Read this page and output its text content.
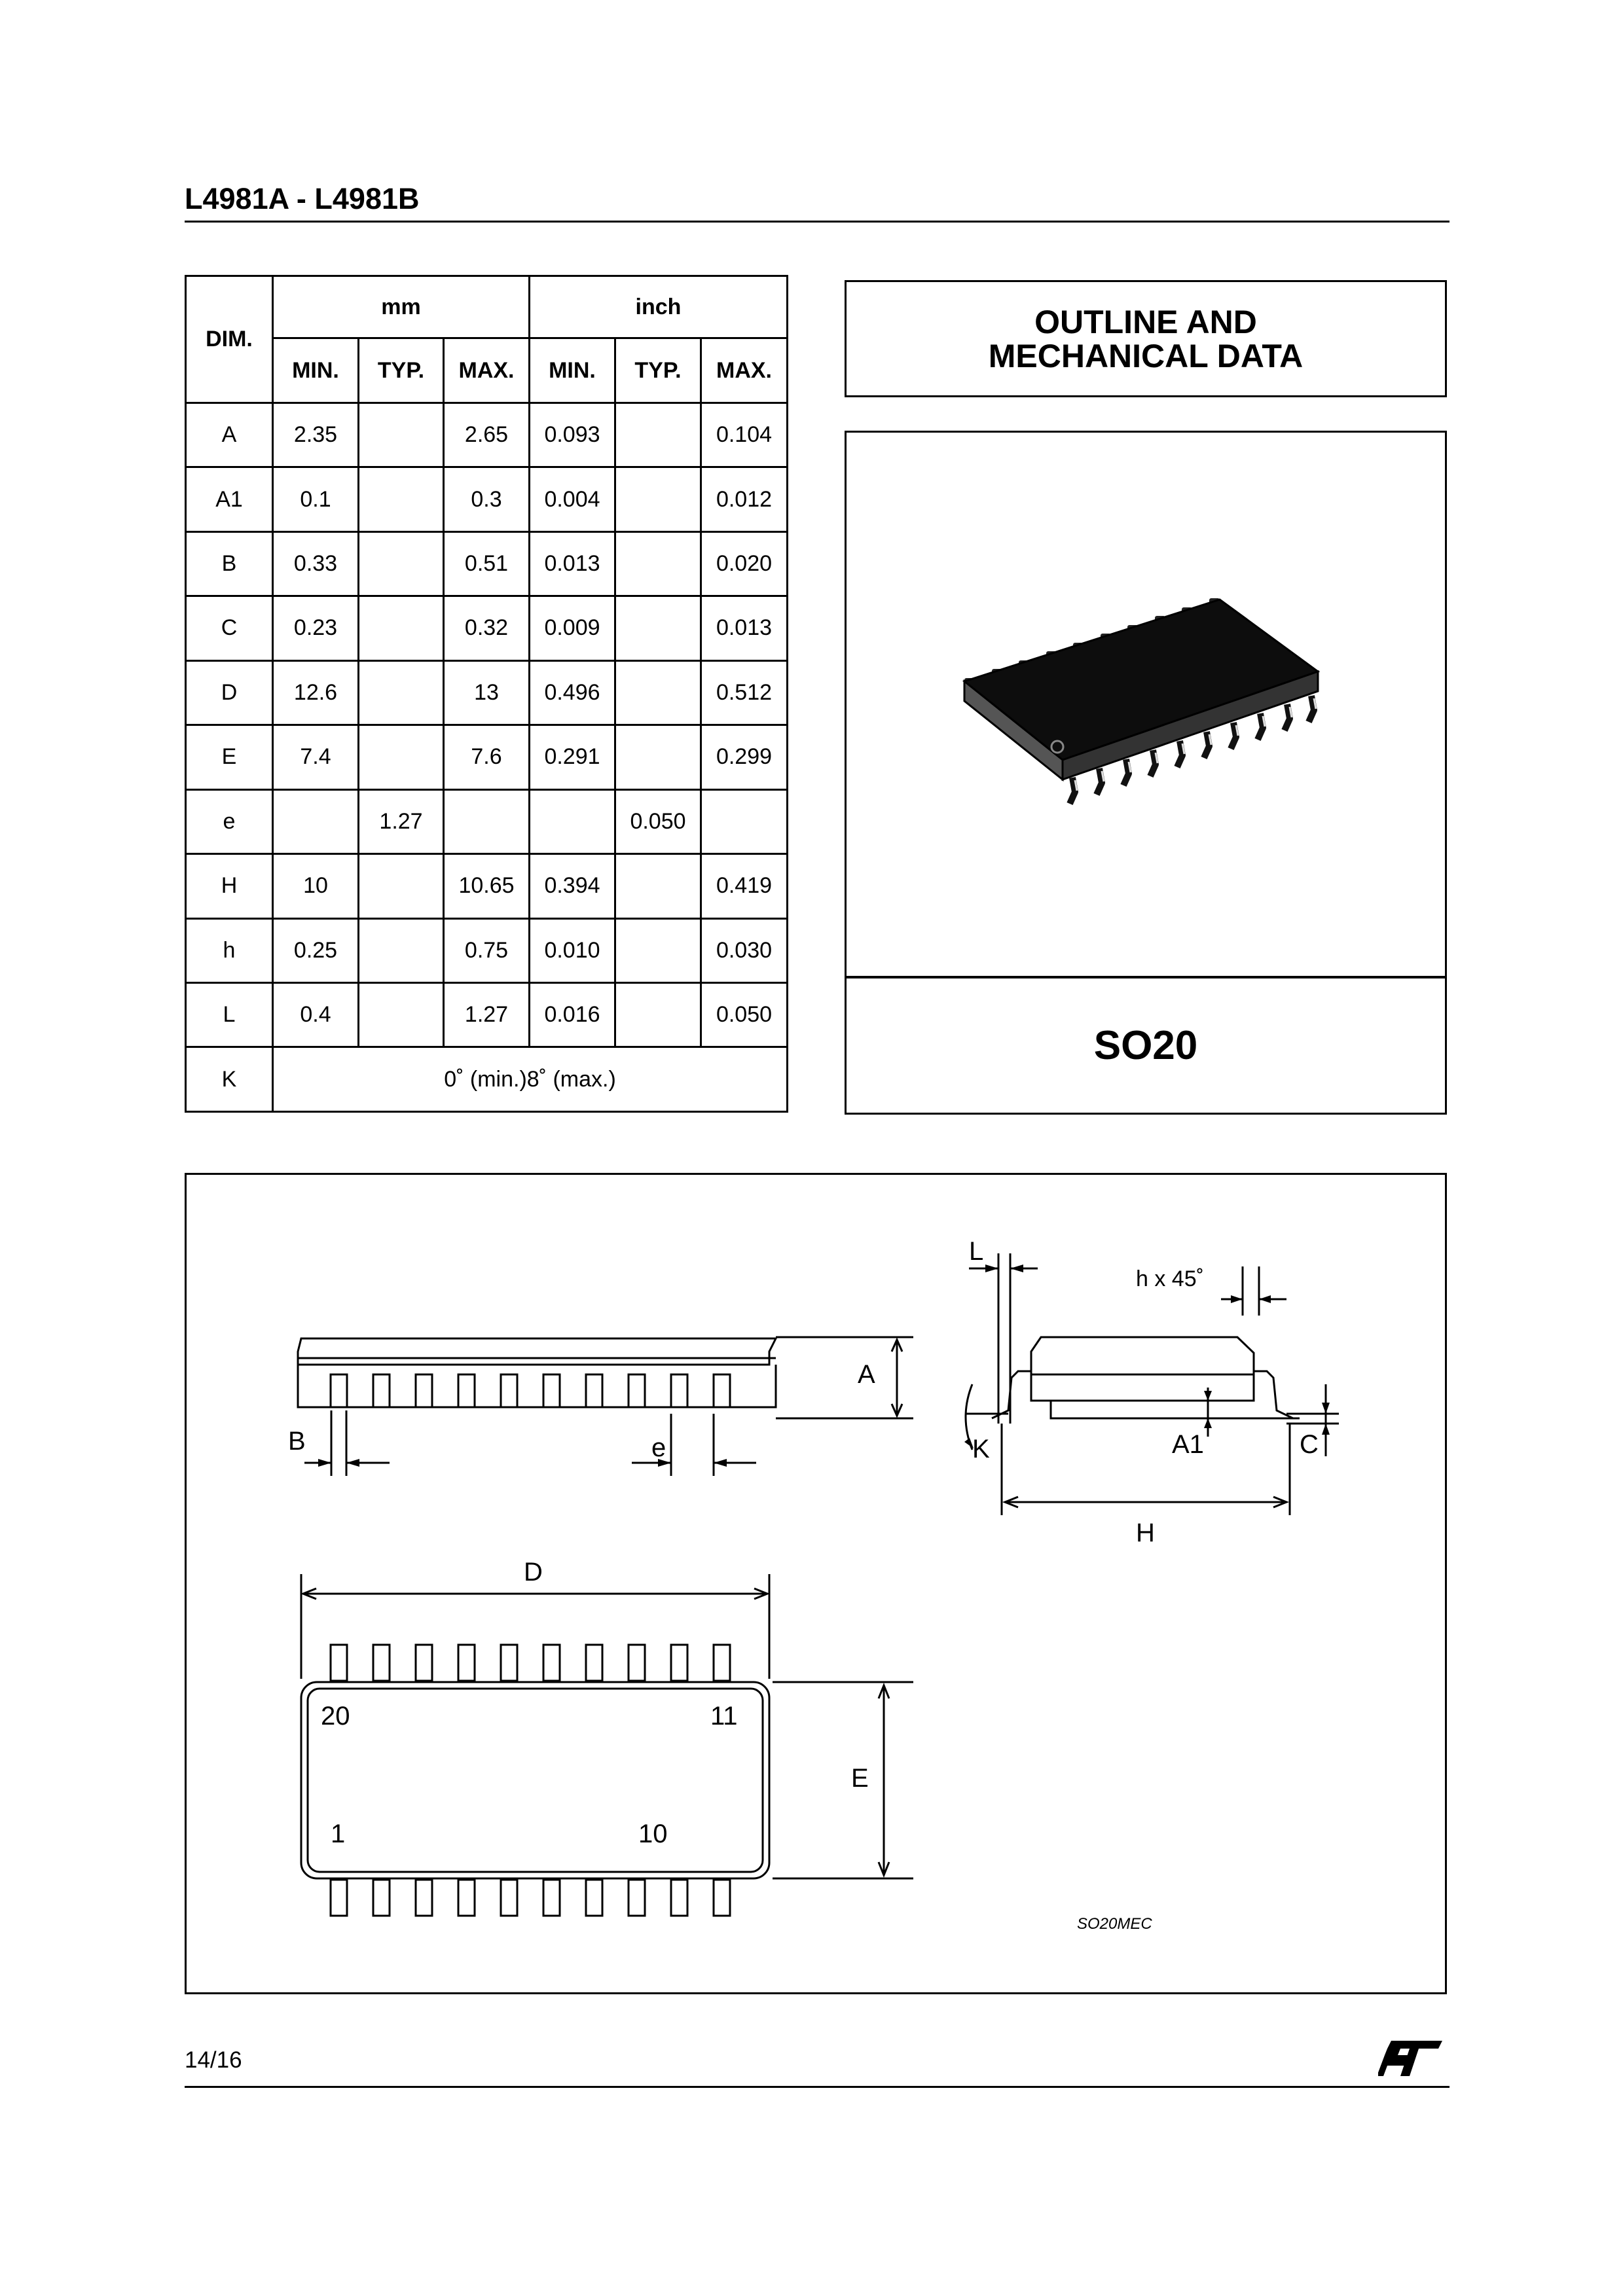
L4981A - L4981B
DIM.	mm			inch		
	MIN.	TYP.	MAX.	MIN.	TYP.	MAX.
A	2.35		2.65	0.093		0.104
A1	0.1		0.3	0.004		0.012
B	0.33		0.51	0.013		0.020
C	0.23		0.32	0.009		0.013
D	12.6		13	0.496		0.512
E	7.4		7.6	0.291		0.299
e		1.27			0.050	
H	10		10.65	0.394		0.419
h	0.25		0.75	0.010		0.030
L	0.4		1.27	0.016		0.050
K	0˚ (min.)8˚ (max.)					
OUTLINE AND
MECHANICAL DATA
SO20
A
B	e
L
h x 45˚
K	A1	C
H
D
E
20	11
1	10
SO20MEC
14/16
